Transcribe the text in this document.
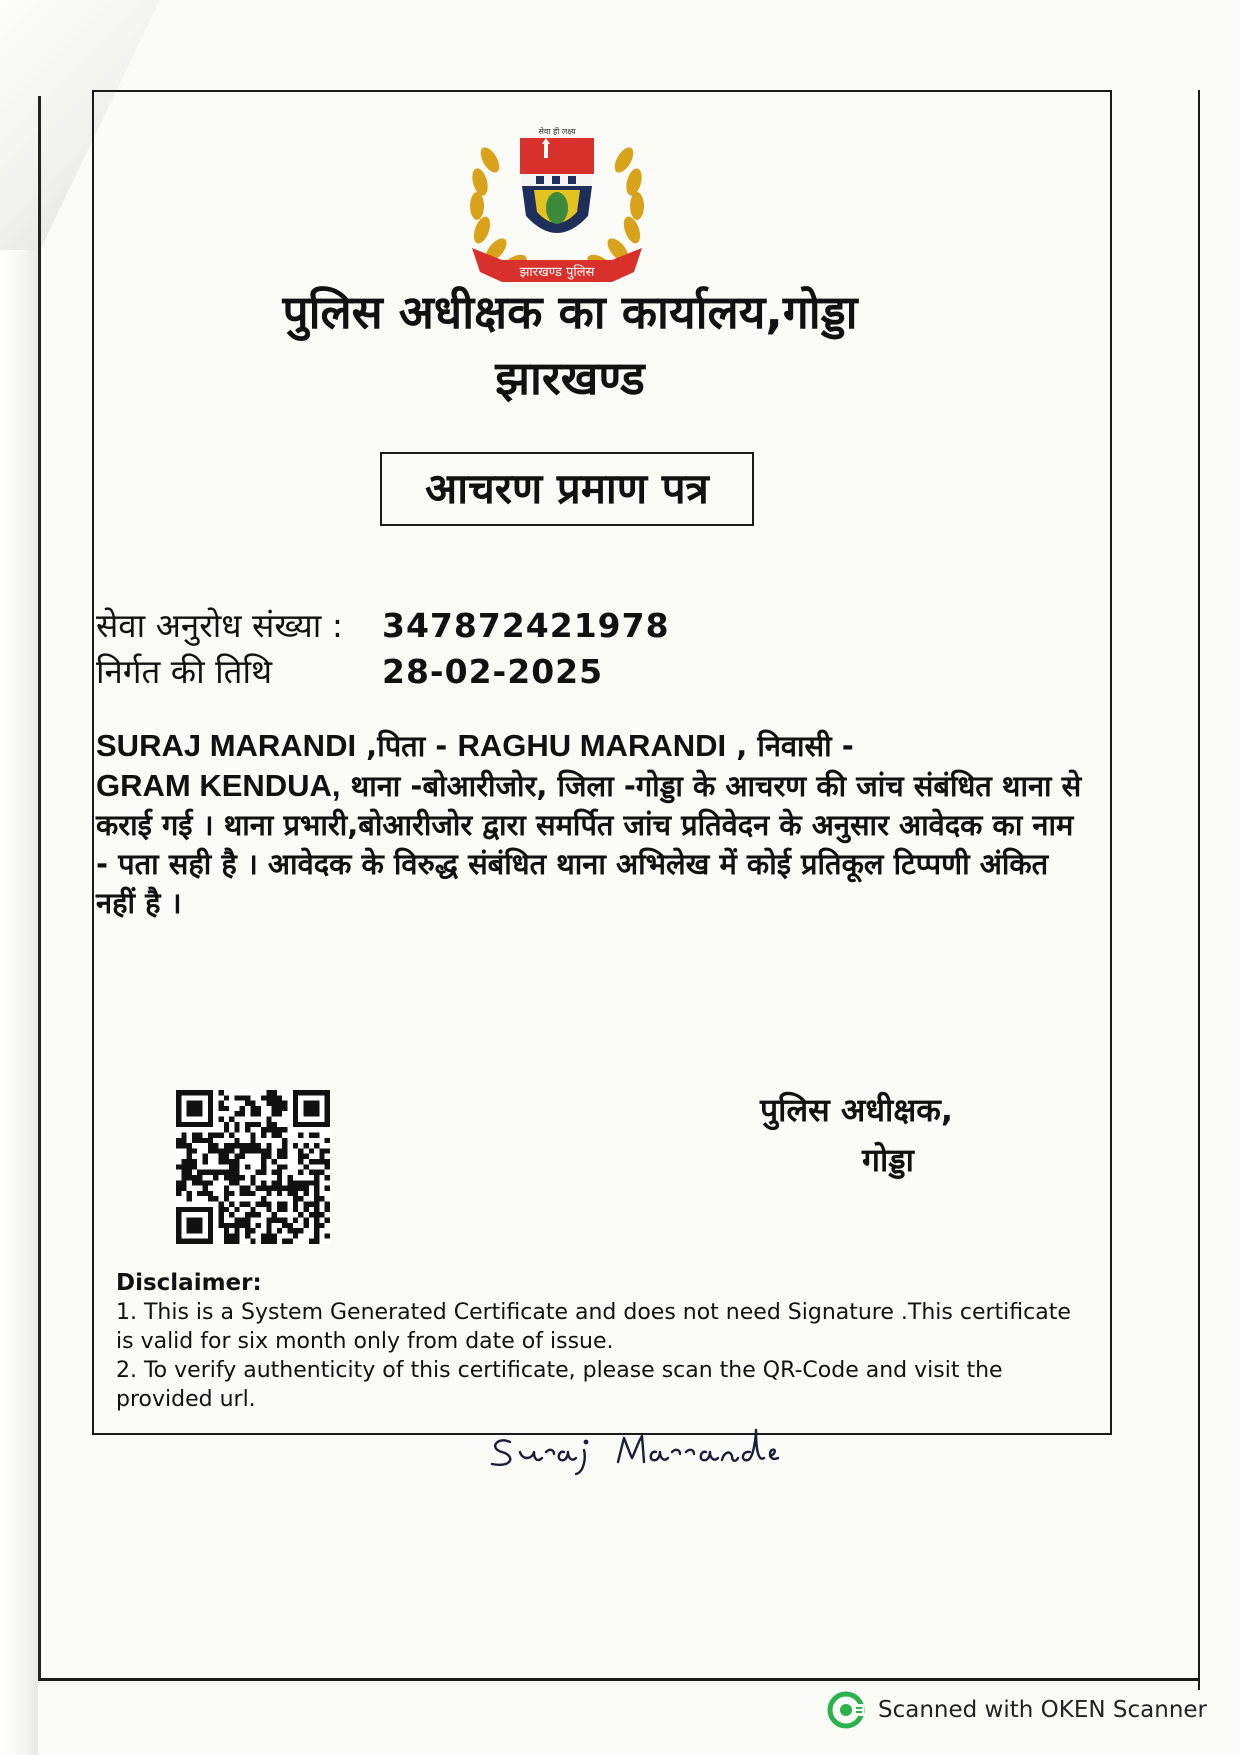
सेवा ही लक्ष्य
झारखण्ड पुलिस
पुलिस अधीक्षक का कार्यालय,गोड्डा
झारखण्ड
आचरण प्रमाण पत्र
सेवा अनुरोध संख्या : 347872421978
निर्गत की तिथि	28-02-2025
SURAJ MARANDI ,पिता - RAGHU MARANDI , निवासी -
GRAM KENDUA, थाना -बोआरीजोर, जिला -गोड्डा के आचरण की जांच संबंधित थाना से कराई गई । थाना प्रभारी,बोआरीजोर द्वारा समर्पित जांच प्रतिवेदन के अनुसार आवेदक का नाम - पता सही है । आवेदक के विरुद्ध संबंधित थाना अभिलेख में कोई प्रतिकूल टिप्पणी अंकित नहीं है ।
पुलिस अधीक्षक,
गोड्डा
Disclaimer:

1. This is a System Generated Certificate and does not need Signature .This certificate is valid for six month only from date of issue.

2. To verify authenticity of this certificate, please scan the QR-Code and visit the provided url.

Scanned with OKEN Scanner
